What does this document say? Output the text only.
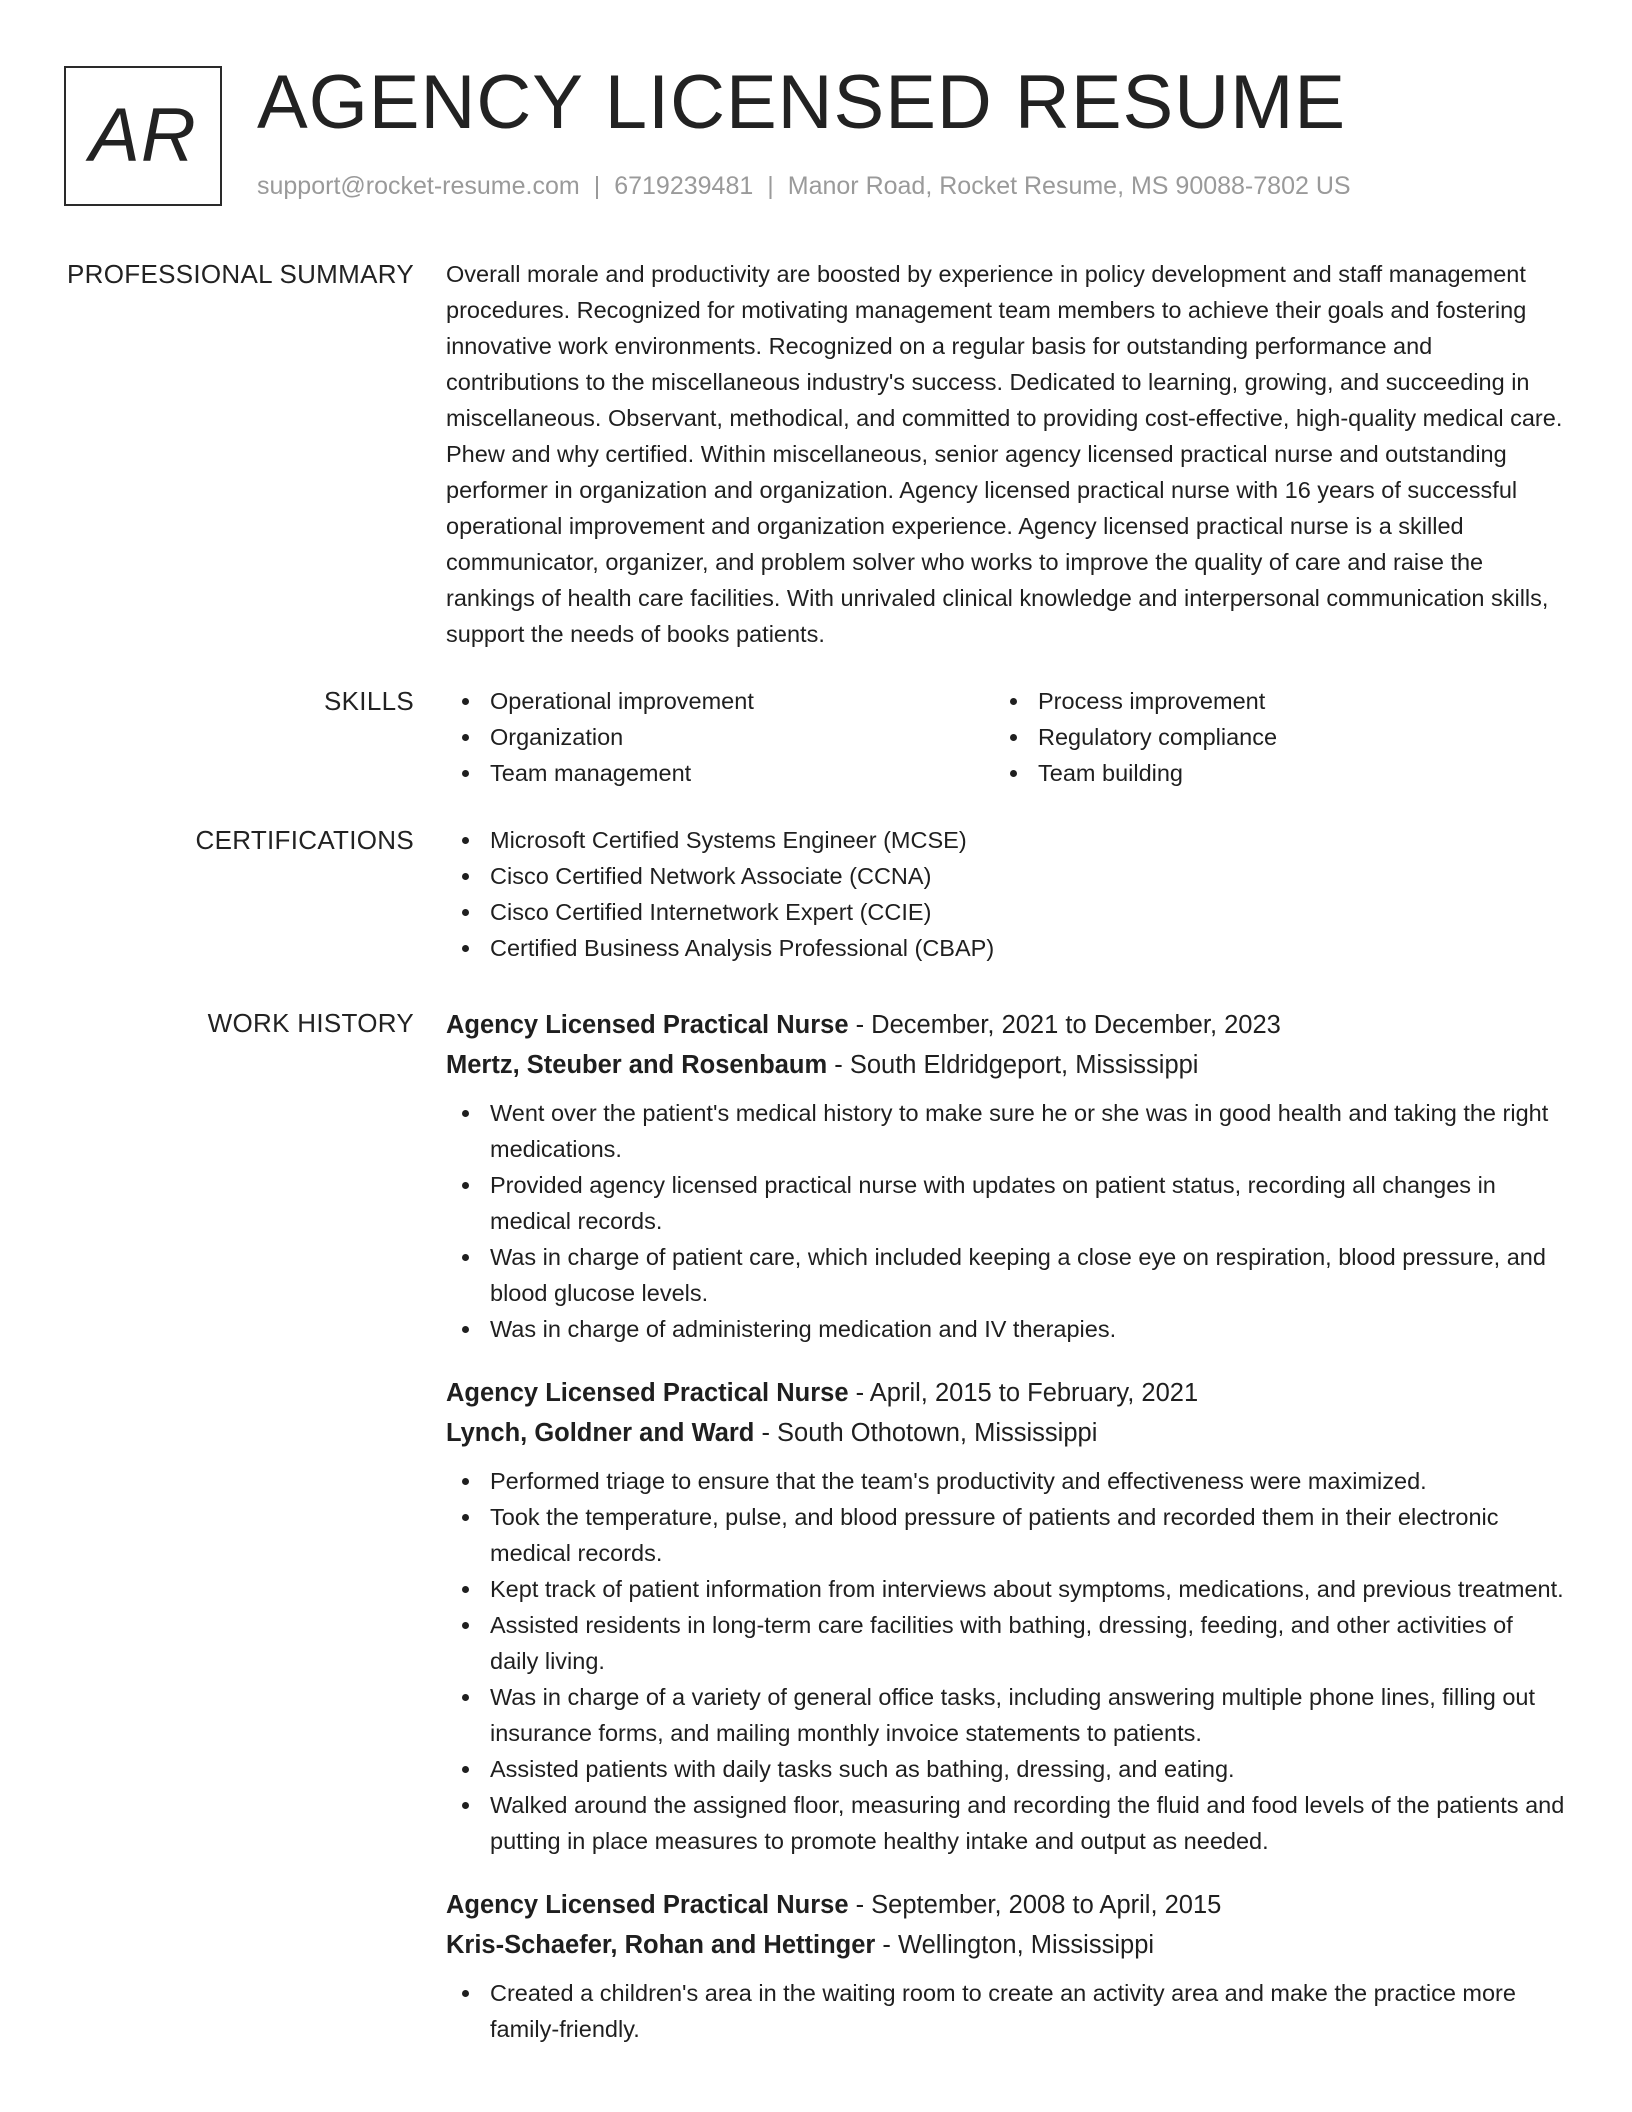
AR AGENCY LICENSED RESUME
support@rocket-resume.com | 6719239481 | Manor Road, Rocket Resume, MS 90088-7802 US
PROFESSIONAL SUMMARY Overall morale and productivity are boosted by experience in policy development and staff management procedures. Recognized for motivating management team members to achieve their goals and fostering innovative work environments. Recognized on a regular basis for outstanding performance and contributions to the miscellaneous industry's success. Dedicated to learning, growing, and succeeding in miscellaneous. Observant, methodical, and committed to providing cost-effective, high-quality medical care. Phew and why certified. Within miscellaneous, senior agency licensed practical nurse and outstanding performer in organization and organization. Agency licensed practical nurse with 16 years of successful operational improvement and organization experience. Agency licensed practical nurse is a skilled communicator, organizer, and problem solver who works to improve the quality of care and raise the rankings of health care facilities. With unrivaled clinical knowledge and interpersonal communication skills, support the needs of books patients.
SKILLS	Operational improvement
Organization
Team management
Process improvement
Regulatory compliance
Team building
CERTIFICATIONS	Microsoft Certified Systems Engineer (MCSE)
Cisco Certified Network Associate (CCNA)
Cisco Certified Internetwork Expert (CCIE)
Certified Business Analysis Professional (CBAP)
WORK HISTORY Agency Licensed Practical Nurse - December, 2021 to December, 2023
Mertz, Steuber and Rosenbaum - South Eldridgeport, Mississippi
Went over the patient's medical history to make sure he or she was in good health and taking the right medications.
Provided agency licensed practical nurse with updates on patient status, recording all changes in medical records.
Was in charge of patient care, which included keeping a close eye on respiration, blood pressure, and blood glucose levels.
Was in charge of administering medication and IV therapies.
Agency Licensed Practical Nurse - April, 2015 to February, 2021
Lynch, Goldner and Ward - South Othotown, Mississippi
Performed triage to ensure that the team's productivity and effectiveness were maximized.
Took the temperature, pulse, and blood pressure of patients and recorded them in their electronic medical records.
Kept track of patient information from interviews about symptoms, medications, and previous treatment.
Assisted residents in long-term care facilities with bathing, dressing, feeding, and other activities of daily living.
Was in charge of a variety of general office tasks, including answering multiple phone lines, filling out insurance forms, and mailing monthly invoice statements to patients.
Assisted patients with daily tasks such as bathing, dressing, and eating.
Walked around the assigned floor, measuring and recording the fluid and food levels of the patients and putting in place measures to promote healthy intake and output as needed.
Agency Licensed Practical Nurse - September, 2008 to April, 2015
Kris-Schaefer, Rohan and Hettinger - Wellington, Mississippi
Created a children's area in the waiting room to create an activity area and make the practice more family-friendly.
